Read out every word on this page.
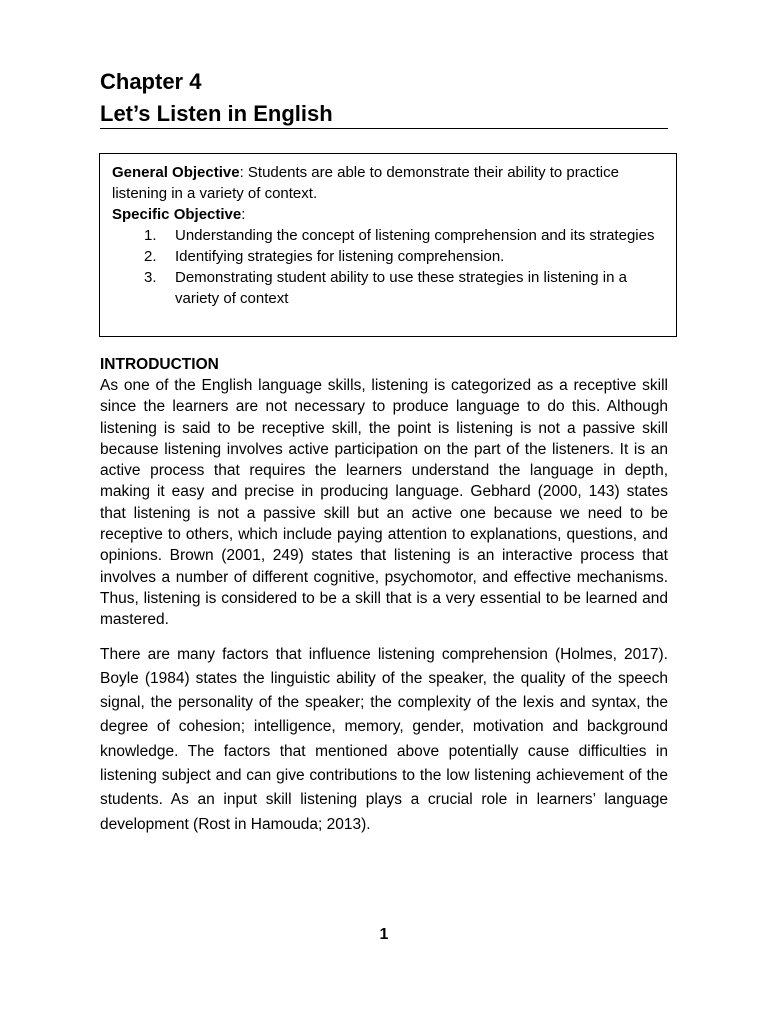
Chapter 4
Let’s Listen in English
General Objective: Students are able to demonstrate their ability to practice listening in a variety of context.
Specific Objective:
1. Understanding the concept of listening comprehension and its strategies
2. Identifying strategies for listening comprehension.
3. Demonstrating student ability to use these strategies in listening in a variety of context

INTRODUCTION

As one of the English language skills, listening is categorized as a receptive skill since the learners are not necessary to produce language to do this. Although listening is said to be receptive skill, the point is listening is not a passive skill because listening involves active participation on the part of the listeners. It is an active process that requires the learners understand the language in depth, making it easy and precise in producing language. Gebhard (2000, 143) states that listening is not a passive skill but an active one because we need to be receptive to others, which include paying attention to explanations, questions, and opinions. Brown (2001, 249) states that listening is an interactive process that involves a number of different cognitive, psychomotor, and effective mechanisms. Thus, listening is considered to be a skill that is a very essential to be learned and mastered.

There are many factors that influence listening comprehension (Holmes, 2017). Boyle (1984) states the linguistic ability of the speaker, the quality of the speech signal, the personality of the speaker; the complexity of the lexis and syntax, the degree of cohesion; intelligence, memory, gender, motivation and background knowledge. The factors that mentioned above potentially cause difficulties in listening subject and can give contributions to the low listening achievement of the students. As an input skill listening plays a crucial role in learners’ language development (Rost in Hamouda; 2013).

1
